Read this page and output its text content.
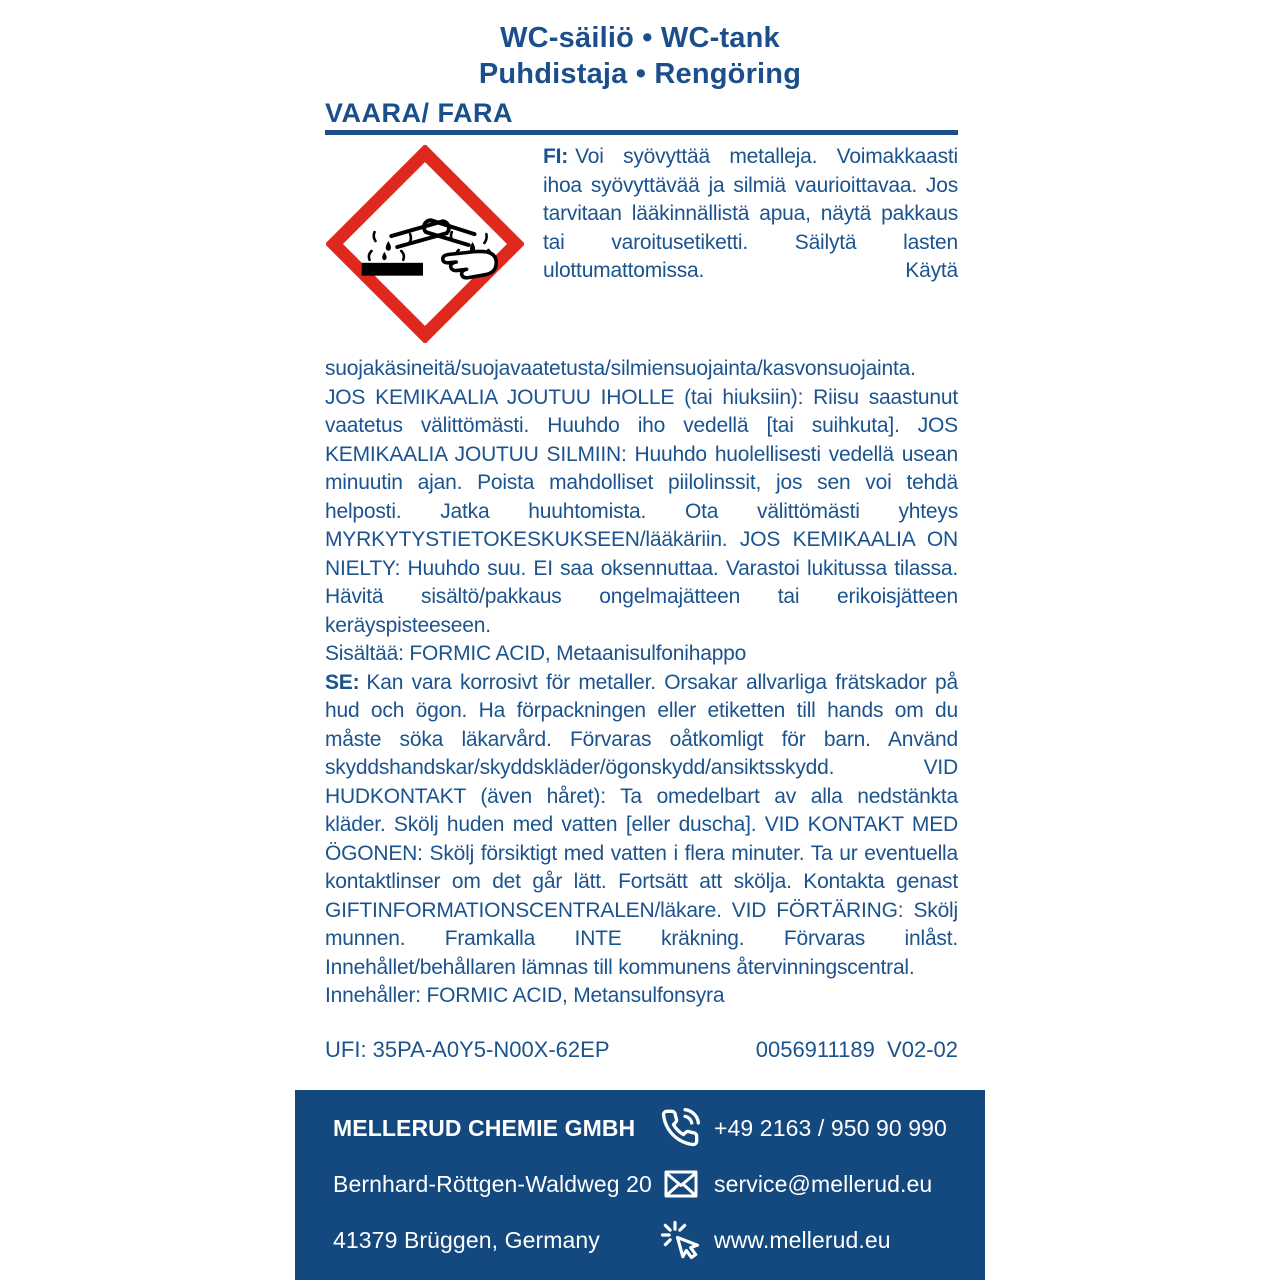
WC-säiliö • WC-tank
Puhdistaja • Rengöring
VAARA/ FARA

FI: Voi syövyttää metalleja. Voimakkaasti ihoa syövyttävää ja silmiä vaurioittavaa. Jos tarvitaan lääkinnällistä apua, näytä pakkaus tai varoitusetiketti. Säilytä lasten ulottumattomissa. Käytä suojakäsineitä/suojavaatetusta/silmiensuojainta/kasvonsuojainta. JOS KEMIKAALIA JOUTUU IHOLLE (tai hiuksiin): Riisu saastunut vaatetus välittömästi. Huuhdo iho vedellä [tai suihkuta]. JOS KEMIKAALIA JOUTUU SILMIIN: Huuhdo huolellisesti vedellä usean minuutin ajan. Poista mahdolliset piilolinssit, jos sen voi tehdä helposti. Jatka huuhtomista. Ota välittömästi yhteys MYRKYTYSTIETOKESKUKSEEN/lääkäriin. JOS KEMIKAALIA ON NIELTY: Huuhdo suu. EI saa oksennuttaa. Varastoi lukitussa tilassa. Hävitä sisältö/pakkaus ongelmajätteen tai erikoisjätteen keräyspisteeseen.

Sisältää: FORMIC ACID, Metaanisulfonihappo

SE: Kan vara korrosivt för metaller. Orsakar allvarliga frätskador på hud och ögon. Ha förpackningen eller etiketten till hands om du måste söka läkarvård. Förvaras oåtkomligt för barn. Använd skyddshandskar/skyddskläder/ögonskydd/ansiktsskydd. VID HUDKONTAKT (även håret): Ta omedelbart av alla nedstänkta kläder. Skölj huden med vatten [eller duscha]. VID KONTAKT MED ÖGONEN: Skölj försiktigt med vatten i flera minuter. Ta ur eventuella kontaktlinser om det går lätt. Fortsätt att skölja. Kontakta genast GIFTINFORMATIONSCENTRALEN/läkare. VID FÖRTÄRING: Skölj munnen. Framkalla INTE kräkning. Förvaras inlåst. Innehållet/behållaren lämnas till kommunens återvinningscentral.

Innehåller: FORMIC ACID, Metansulfonsyra

UFI: 35PA-A0Y5-N00X-62EP	0056911189  V02-02
MELLERUD CHEMIE GMBH	+49 2163 / 950 90 990
Bernhard-Röttgen-Waldweg 20	service@mellerud.eu
41379 Brüggen, Germany	www.mellerud.eu
